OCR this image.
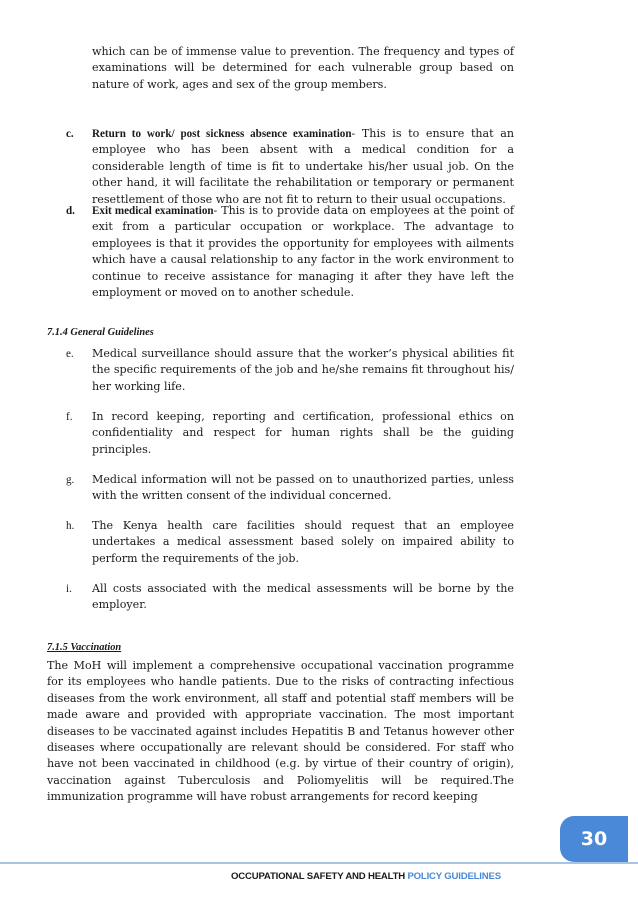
which can be of immense value to prevention. The frequency and types of examinations will be determined for each vulnerable group based on nature of work, ages and sex of the group members.

c. Return to work/ post sickness absence examination- This is to ensure that an employee who has been absent with a medical condition for a considerable length of time is fit to undertake his/her usual job. On the other hand, it will facilitate the rehabilitation or temporary or permanent resettlement of those who are not fit to return to their usual occupations.
d. Exit medical examination- This is to provide data on employees at the point of exit from a particular occupation or workplace. The advantage to employees is that it provides the opportunity for employees with ailments which have a causal relationship to any factor in the work environment to continue to receive assistance for managing it after they have left the employment or moved on to another schedule.
7.1.4 General Guidelines
e. Medical surveillance should assure that the worker’s physical abilities fit the specific requirements of the job and he/she remains fit throughout his/ her working life.
f. In record keeping, reporting and certification, professional ethics on confidentiality and respect for human rights shall be the guiding principles.
g. Medical information will not be passed on to unauthorized parties, unless with the written consent of the individual concerned.
h. The Kenya health care facilities should request that an employee undertakes a medical assessment based solely on impaired ability to perform the requirements of the job.
i. All costs associated with the medical assessments will be borne by the employer.
7.1.5 Vaccination
The MoH will implement a comprehensive occupational vaccination programme for its employees who handle patients. Due to the risks of contracting infectious diseases from the work environment, all staff and potential staff members will be made aware and provided with appropriate vaccination. The most important diseases to be vaccinated against includes Hepatitis B and Tetanus however other diseases where occupationally are relevant should be considered. For staff who have not been vaccinated in childhood (e.g. by virtue of their country of origin), vaccination against Tuberculosis and Poliomyelitis will be required.The immunization programme will have robust arrangements for record keeping
30
OCCUPATIONAL SAFETY AND HEALTH POLICY GUIDELINES
